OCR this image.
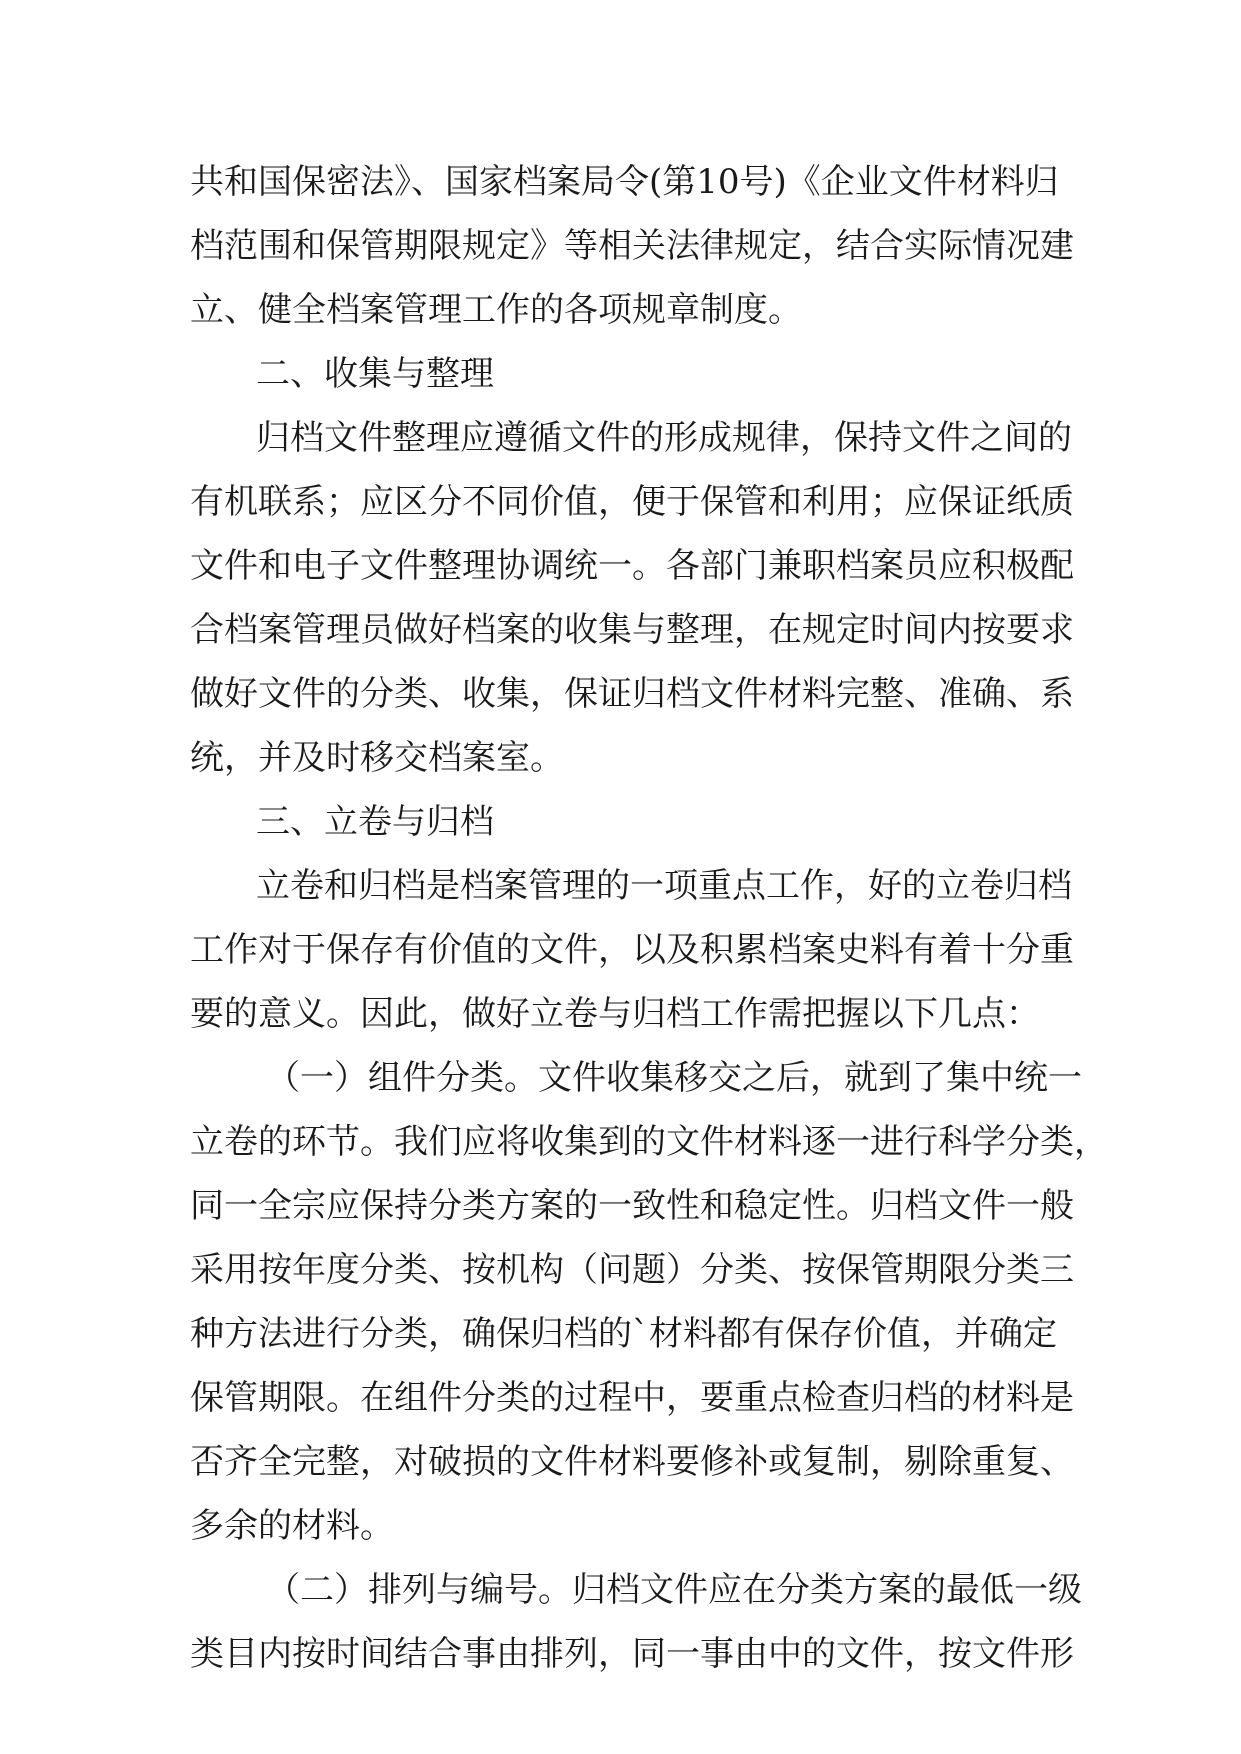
共和国保密法》、国家档案局令(第10号)《企业文件材料归
档范围和保管期限规定》等相关法律规定，结合实际情况建
立、健全档案管理工作的各项规章制度。
二、收集与整理
归档文件整理应遵循文件的形成规律，保持文件之间的
有机联系；应区分不同价值，便于保管和利用；应保证纸质
文件和电子文件整理协调统一。各部门兼职档案员应积极配
合档案管理员做好档案的收集与整理，在规定时间内按要求
做好文件的分类、收集，保证归档文件材料完整、准确、系
统，并及时移交档案室。
三、立卷与归档
立卷和归档是档案管理的一项重点工作，好的立卷归档
工作对于保存有价值的文件，以及积累档案史料有着十分重
要的意义。因此，做好立卷与归档工作需把握以下几点：
（一）组件分类。文件收集移交之后，就到了集中统一
立卷的环节。我们应将收集到的文件材料逐一进行科学分类，
同一全宗应保持分类方案的一致性和稳定性。归档文件一般
采用按年度分类、按机构（问题）分类、按保管期限分类三
种方法进行分类，确保归档的`材料都有保存价值，并确定
保管期限。在组件分类的过程中，要重点检查归档的材料是
否齐全完整，对破损的文件材料要修补或复制，剔除重复、
多余的材料。
（二）排列与编号。归档文件应在分类方案的最低一级
类目内按时间结合事由排列，同一事由中的文件，按文件形
